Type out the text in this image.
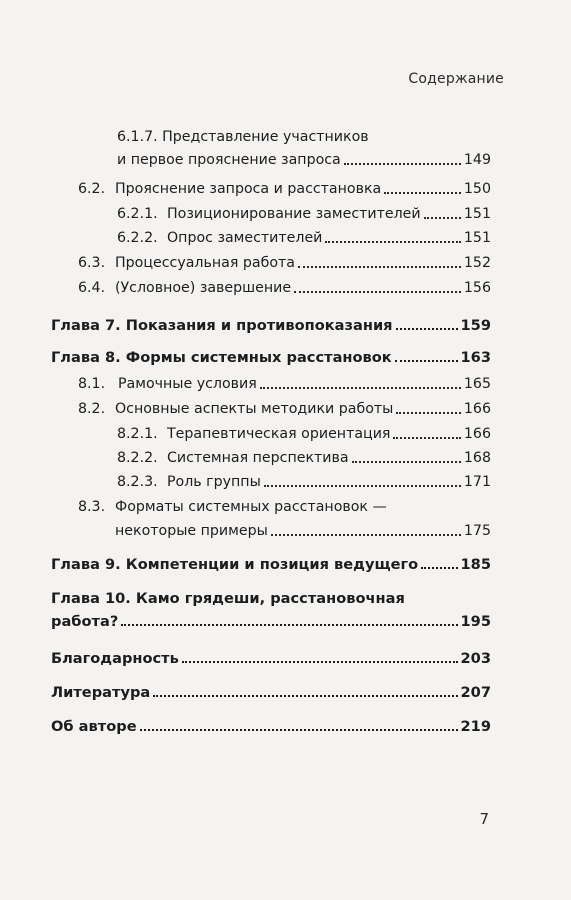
Содержание
6.1.7. Представление участников
и первое прояснение запроса	149
6.2. Прояснение запроса и расстановка	150
6.2.1. Позиционирование заместителей	151
6.2.2. Опрос заместителей	151
6.3. Процессуальная работа	152
6.4. (Условное) завершение	156
Глава 7. Показания и противопоказания	159
Глава 8. Формы системных расстановок	163
8.1. Рамочные условия	165
8.2. Основные аспекты методики работы	166
8.2.1. Терапевтическая ориентация	166
8.2.2. Системная перспектива	168
8.2.3. Роль группы	171
8.3. Форматы системных расстановок —
некоторые примеры	175
Глава 9. Компетенции и позиция ведущего	185
Глава 10. Камо грядеши, расстановочная
работа?	195
Благодарность	203
Литература	207
Об авторе	219
7
